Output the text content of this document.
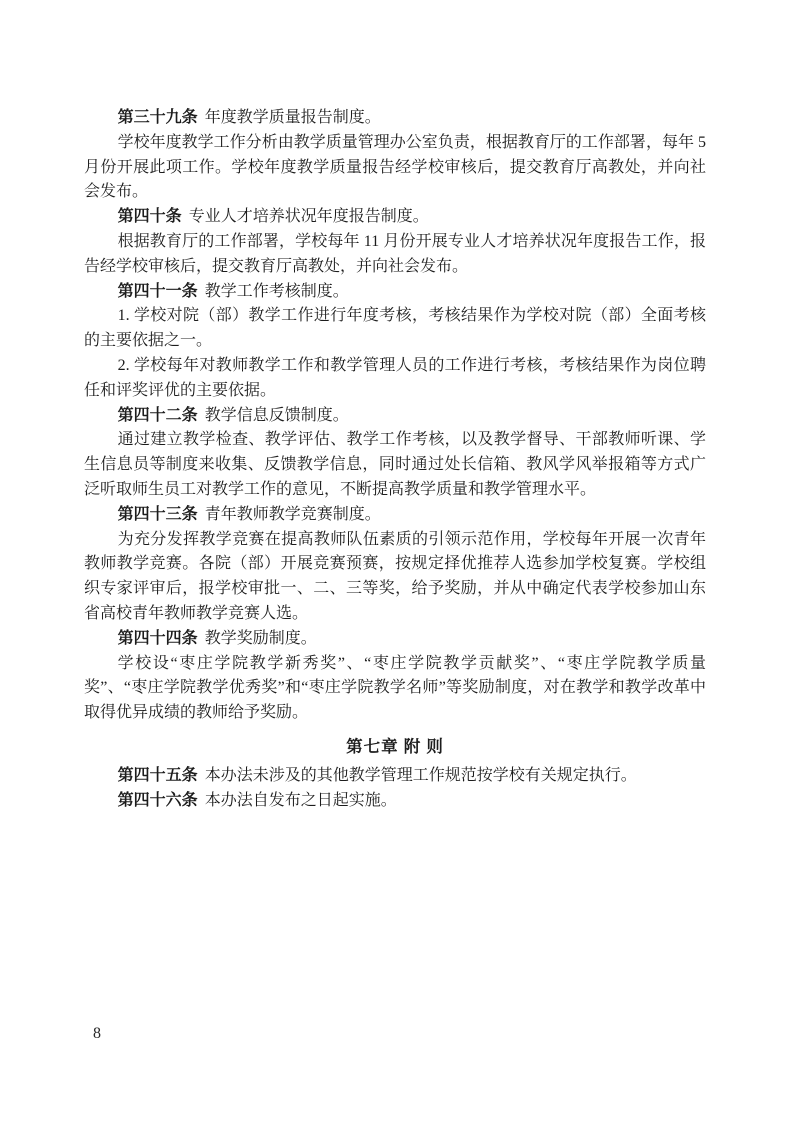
第三十九条 年度教学质量报告制度。

学校年度教学工作分析由教学质量管理办公室负责，根据教育厅的工作部署，每年 5 月份开展此项工作。学校年度教学质量报告经学校审核后，提交教育厅高教处，并向社会发布。

第四十条 专业人才培养状况年度报告制度。

根据教育厅的工作部署，学校每年 11 月份开展专业人才培养状况年度报告工作，报告经学校审核后，提交教育厅高教处，并向社会发布。

第四十一条 教学工作考核制度。

1. 学校对院（部）教学工作进行年度考核，考核结果作为学校对院（部）全面考核的主要依据之一。

2. 学校每年对教师教学工作和教学管理人员的工作进行考核，考核结果作为岗位聘任和评奖评优的主要依据。

第四十二条 教学信息反馈制度。

通过建立教学检查、教学评估、教学工作考核，以及教学督导、干部教师听课、学生信息员等制度来收集、反馈教学信息，同时通过处长信箱、教风学风举报箱等方式广泛听取师生员工对教学工作的意见，不断提高教学质量和教学管理水平。

第四十三条 青年教师教学竞赛制度。

为充分发挥教学竞赛在提高教师队伍素质的引领示范作用，学校每年开展一次青年教师教学竞赛。各院（部）开展竞赛预赛，按规定择优推荐人选参加学校复赛。学校组织专家评审后，报学校审批一、二、三等奖，给予奖励，并从中确定代表学校参加山东省高校青年教师教学竞赛人选。

第四十四条 教学奖励制度。

学校设“枣庄学院教学新秀奖”、“枣庄学院教学贡献奖”、“枣庄学院教学质量奖”、“枣庄学院教学优秀奖”和“枣庄学院教学名师”等奖励制度，对在教学和教学改革中取得优异成绩的教师给予奖励。

第七章 附 则

第四十五条 本办法未涉及的其他教学管理工作规范按学校有关规定执行。

第四十六条 本办法自发布之日起实施。

8
